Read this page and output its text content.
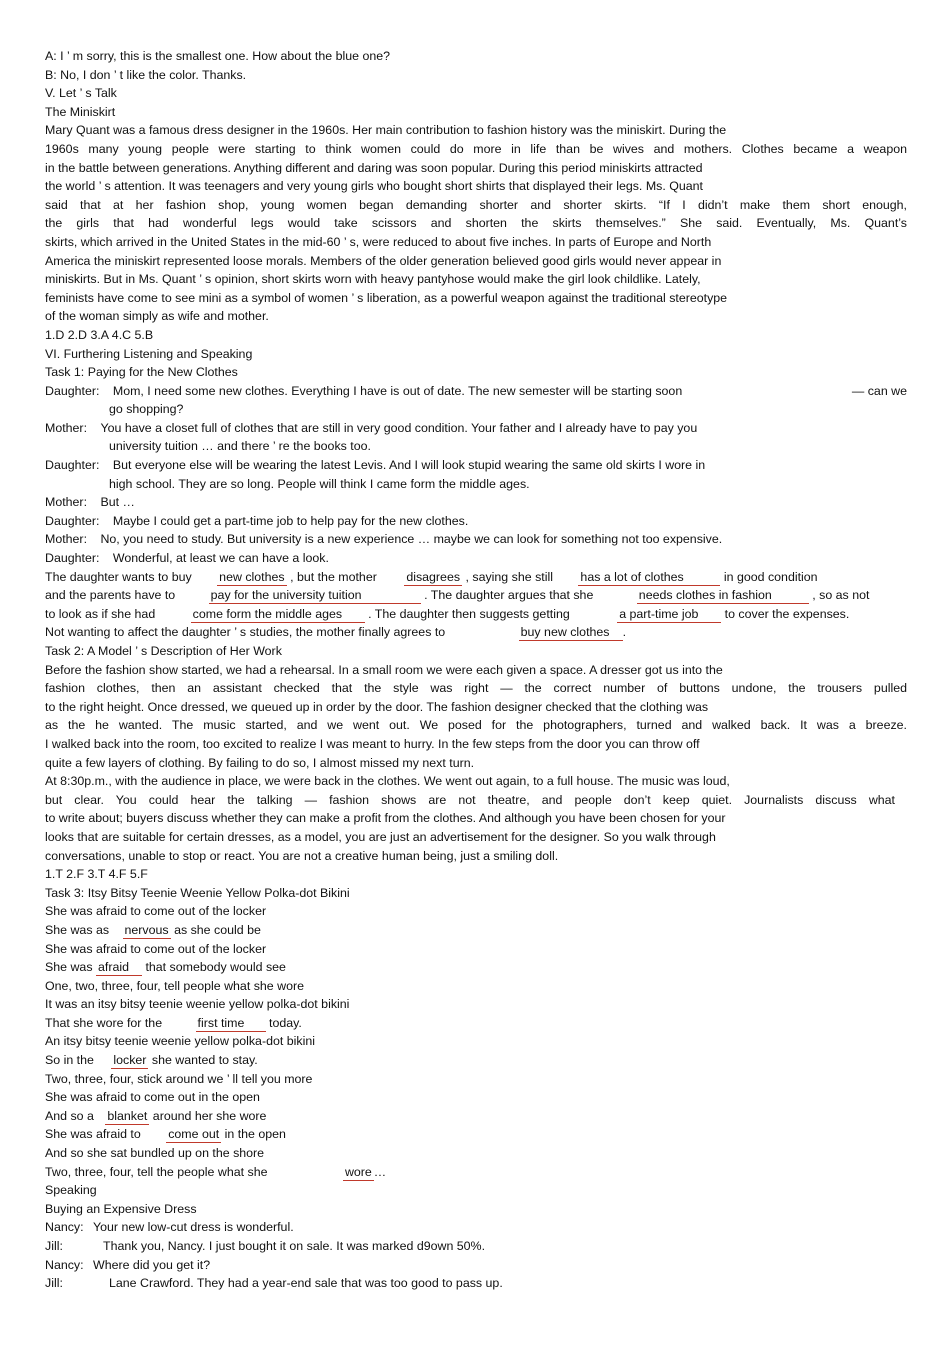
A: I ’ m sorry, this is the smallest one. How about the blue one?
B: No, I don ’ t like the color. Thanks.
V. Let ’ s Talk
The Miniskirt
Mary Quant was a famous dress designer in the 1960s. Her main contribution to fashion history was the miniskirt. During the
1960s many young people were starting to think women could do more in life than be wives and mothers. Clothes became a weapon
in the battle between generations. Anything different and daring was soon popular. During this period miniskirts attracted
the world ’ s attention. It was teenagers and very young girls who bought short shirts that displayed their legs. Ms. Quant
said that at her fashion shop, young women began demanding shorter and shorter skirts. “If I didn’t make them short enough,
the girls that had wonderful legs would take scissors and shorten the skirts themselves.” She said. Eventually, Ms. Quant’s
skirts, which arrived in the United States in the mid-60 ’ s, were reduced to about five inches. In parts of Europe and North
America the miniskirt represented loose morals. Members of the older generation believed good girls would never appear in
miniskirts. But in Ms. Quant ’ s opinion, short skirts worn with heavy pantyhose would make the girl look childlike. Lately,
feminists have come to see mini as a symbol of women ’ s liberation, as a powerful weapon against the traditional stereotype
of the woman simply as wife and mother.
1.D 2.D 3.A 4.C 5.B
VI. Furthering Listening and Speaking
Task 1: Paying for the New Clothes
Daughter: Mom, I need some new clothes. Everything I have is out of date. The new semester will be starting soon	— can we
go shopping?
Mother: You have a closet full of clothes that are still in very good condition. Your father and I already have to pay you
university tuition … and there ’ re the books too.
Daughter: But everyone else will be wearing the latest Levis. And I will look stupid wearing the same old skirts I wore in
high school. They are so long. People will think I came form the middle ages.
Mother: But …
Daughter: Maybe I could get a part-time job to help pay for the new clothes.
Mother: No, you need to study. But university is a new experience … maybe we can look for something not too expensive.
Daughter: Wonderful, at least we can have a look.
The daughter wants to buy new clothes , but the mother disagrees , saying she still has a lot of clothes	in good condition
and the parents have to	pay for the university tuition	. The daughter argues that she	needs clothes in fashion	, so as not
to look as if she had	come form the middle ages . The daughter then suggests getting	a part-time job to cover the expenses.
Not wanting to affect the daughter ’ s studies, the mother finally agrees to	buy new clothes .
Task 2: A Model ’ s Description of Her Work
Before the fashion show started, we had a rehearsal. In a small room we were each given a space. A dresser got us into the
fashion clothes, then an assistant checked that the style was right — the correct number of buttons undone, the trousers pulled
to the right height. Once dressed, we queued up in order by the door. The fashion designer checked that the clothing was
as the he wanted. The music started, and we went out. We posed for the photographers, turned and walked back. It was a breeze.
I walked back into the room, too excited to realize I was meant to hurry. In the few steps from the door you can throw off
quite a few layers of clothing. By failing to do so, I almost missed my next turn.
At 8:30p.m., with the audience in place, we were back in the clothes. We went out again, to a full house. The music was loud,
but clear. You could hear the talking — fashion shows are not theatre, and people don’t keep quiet. Journalists discuss what
to write about; buyers discuss whether they can make a profit from the clothes. And although you have been chosen for your
looks that are suitable for certain dresses, as a model, you are just an advertisement for the designer. So you walk through
conversations, unable to stop or react. You are not a creative human being, just a smiling doll.
1.T 2.F 3.T 4.F 5.F
Task 3: Itsy Bitsy Teenie Weenie Yellow Polka-dot Bikini
She was afraid to come out of the locker
She was as nervous as she could be
She was afraid to come out of the locker
She was afraid that somebody would see
One, two, three, four, tell people what she wore
It was an itsy bitsy teenie weenie yellow polka-dot bikini
That she wore for the	first time today.
An itsy bitsy teenie weenie yellow polka-dot bikini
So in the locker she wanted to stay.
Two, three, four, stick around we ’ ll tell you more
She was afraid to come out in the open
And so a blanket around her she wore
She was afraid to come out in the open
And so she sat bundled up on the shore
Two, three, four, tell the people what she	wore …
Speaking
Buying an Expensive Dress
Nancy: Your new low-cut dress is wonderful.
Jill:	Thank you, Nancy. I just bought it on sale. It was marked d9own 50%.
Nancy: Where did you get it?
Jill:	Lane Crawford. They had a year-end sale that was too good to pass up.
